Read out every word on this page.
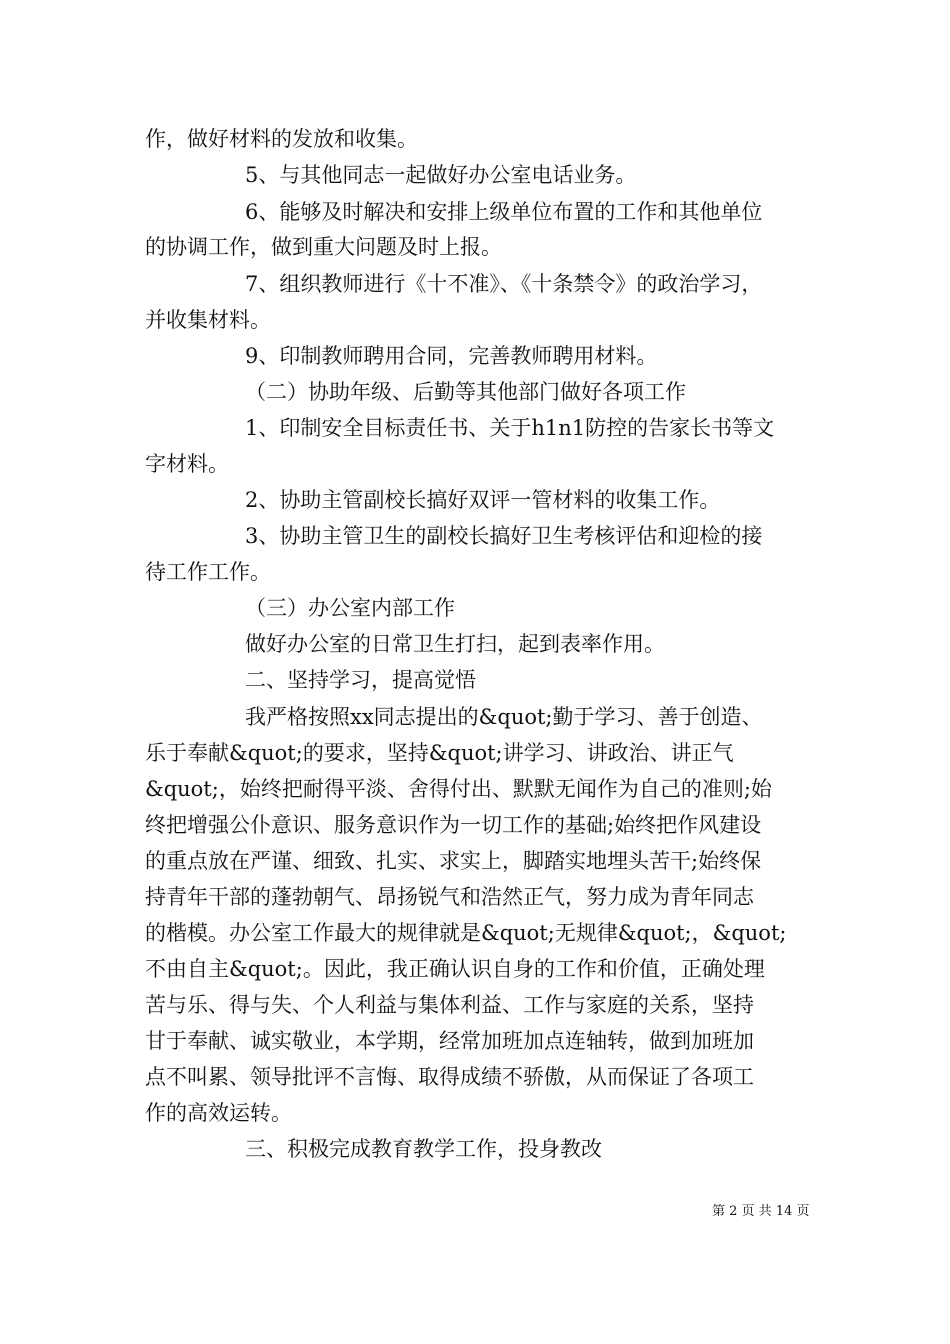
作，做好材料的发放和收集。
5、与其他同志一起做好办公室电话业务。
6、能够及时解决和安排上级单位布置的工作和其他单位
的协调工作，做到重大问题及时上报。
7、组织教师进行《十不准》、《十条禁令》的政治学习，
并收集材料。
9、印制教师聘用合同，完善教师聘用材料。
（二）协助年级、后勤等其他部门做好各项工作
1、印制安全目标责任书、关于h1n1防控的告家长书等文
字材料。
2、协助主管副校长搞好双评一管材料的收集工作。
3、协助主管卫生的副校长搞好卫生考核评估和迎检的接
待工作工作。
（三）办公室内部工作
做好办公室的日常卫生打扫，起到表率作用。
二、坚持学习，提高觉悟
我严格按照xx同志提出的&quot;勤于学习、善于创造、
乐于奉献&quot;的要求，坚持&quot;讲学习、讲政治、讲正气
&quot;，始终把耐得平淡、舍得付出、默默无闻作为自己的准则;始
终把增强公仆意识、服务意识作为一切工作的基础;始终把作风建设
的重点放在严谨、细致、扎实、求实上，脚踏实地埋头苦干;始终保
持青年干部的蓬勃朝气、昂扬锐气和浩然正气，努力成为青年同志
的楷模。办公室工作最大的规律就是&quot;无规律&quot;，&quot;
不由自主&quot;。因此，我正确认识自身的工作和价值，正确处理
苦与乐、得与失、个人利益与集体利益、工作与家庭的关系，坚持
甘于奉献、诚实敬业，本学期，经常加班加点连轴转，做到加班加
点不叫累、领导批评不言悔、取得成绩不骄傲，从而保证了各项工
作的高效运转。
三、积极完成教育教学工作，投身教改
第 2 页 共 14 页
